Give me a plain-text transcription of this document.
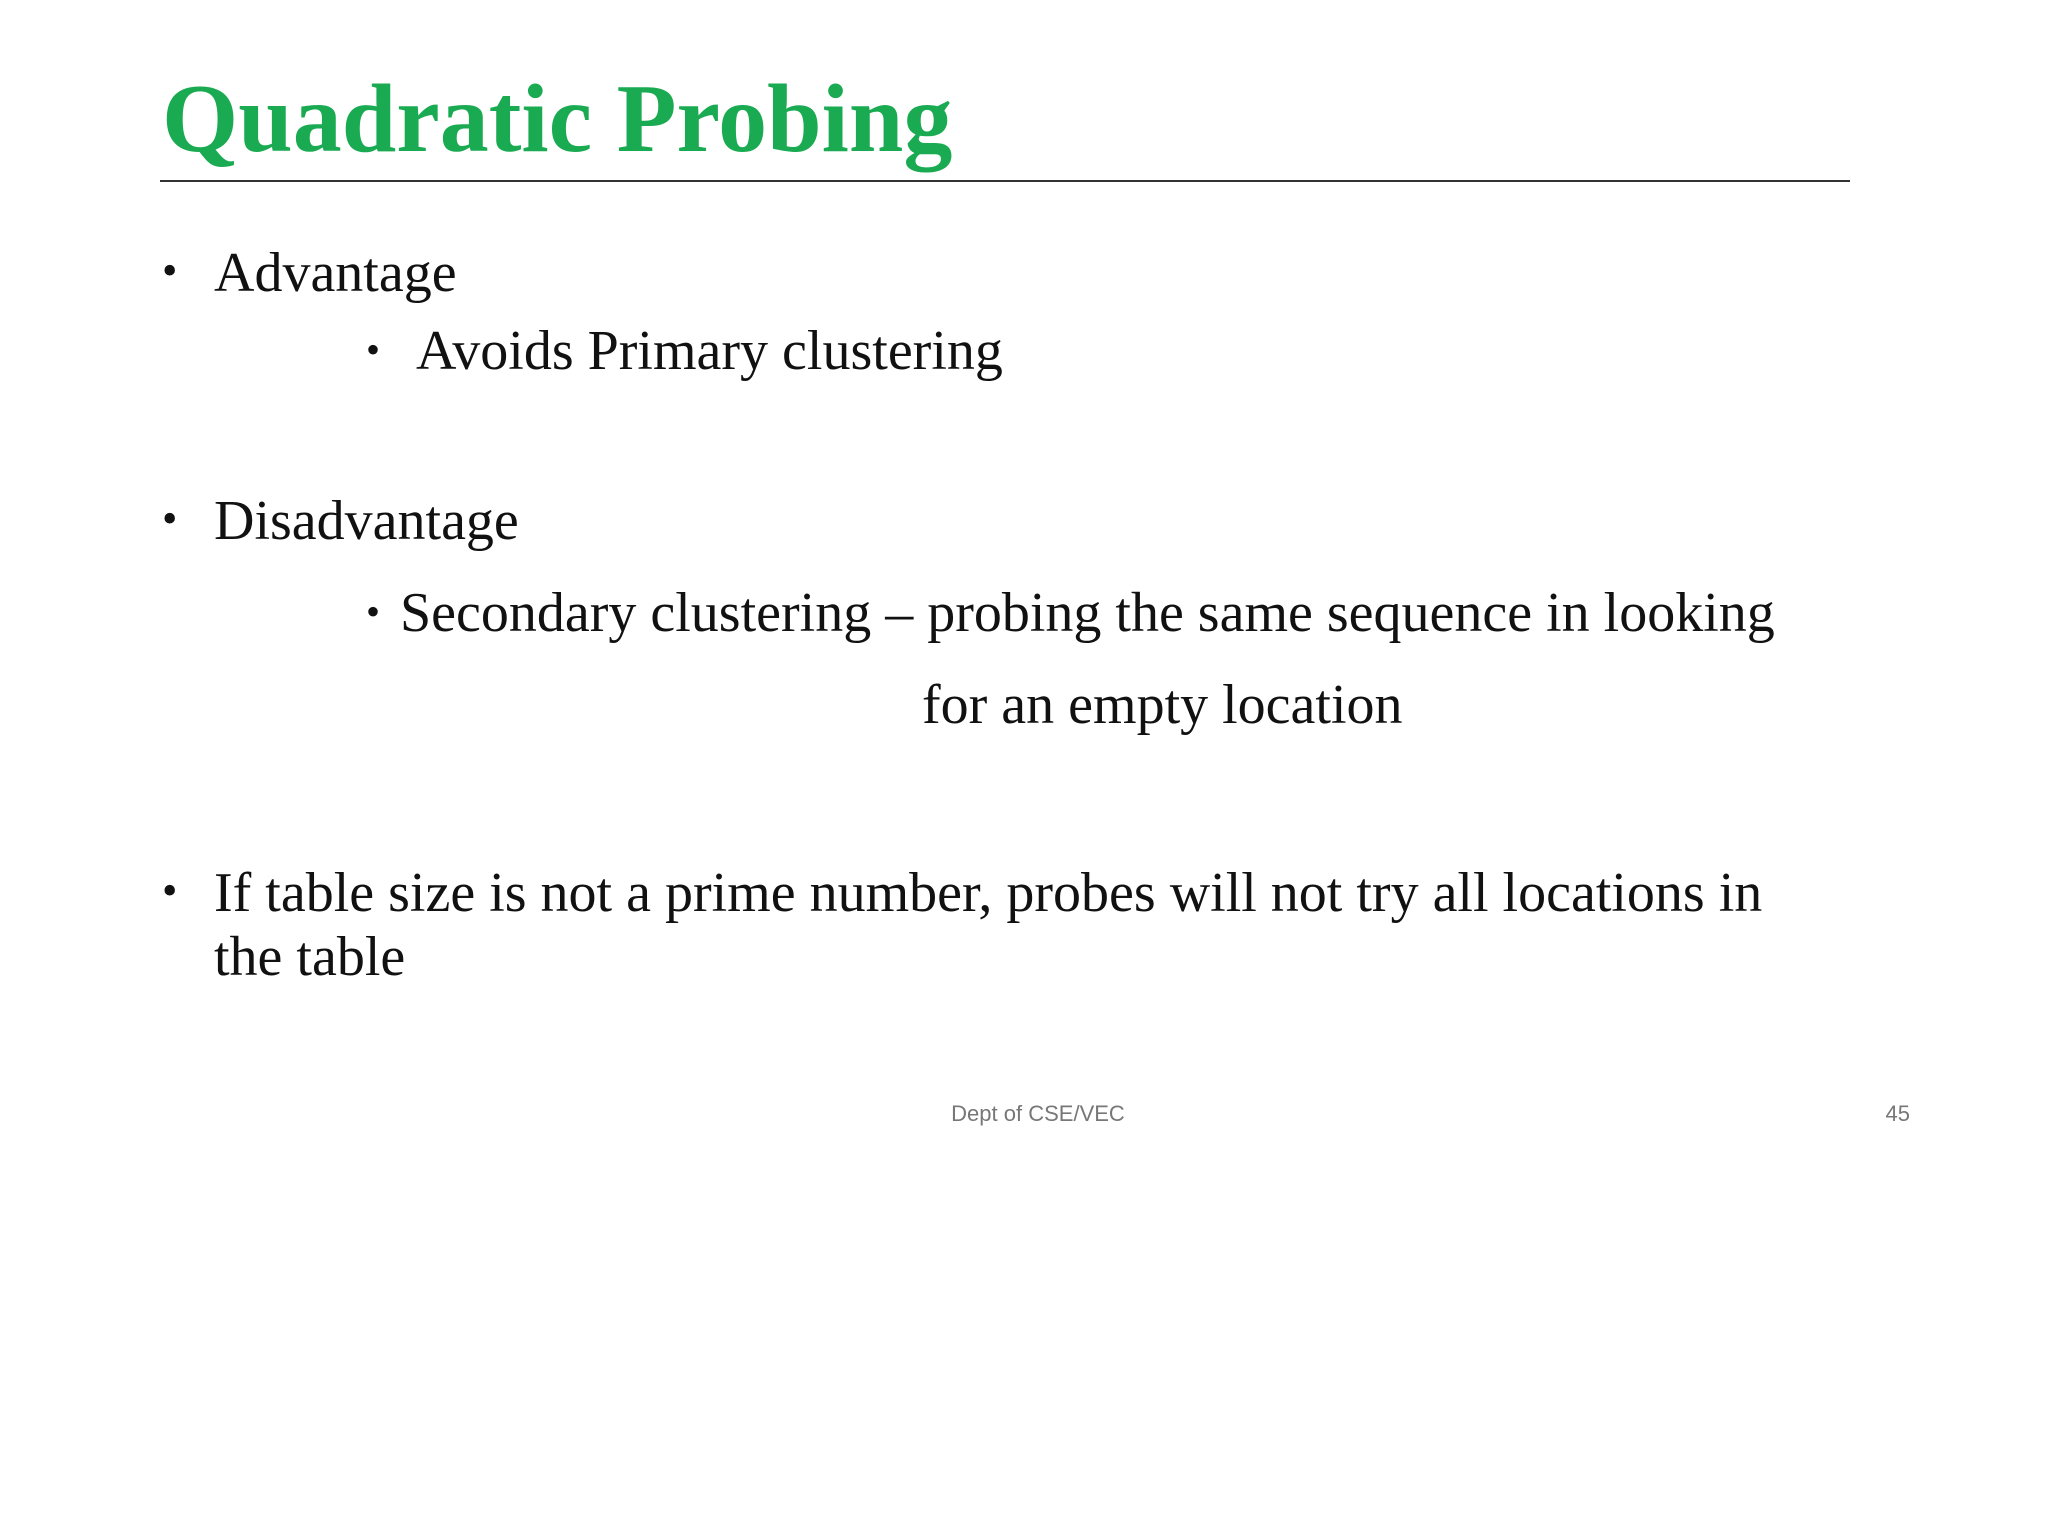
Quadratic Probing
• Advantage
• Avoids Primary clustering
• Disadvantage
• Secondary clustering – probing the same sequence in looking
for an empty location
• If table size is not a prime number, probes will not try all locations in
the table
Dept of CSE/VEC	45
